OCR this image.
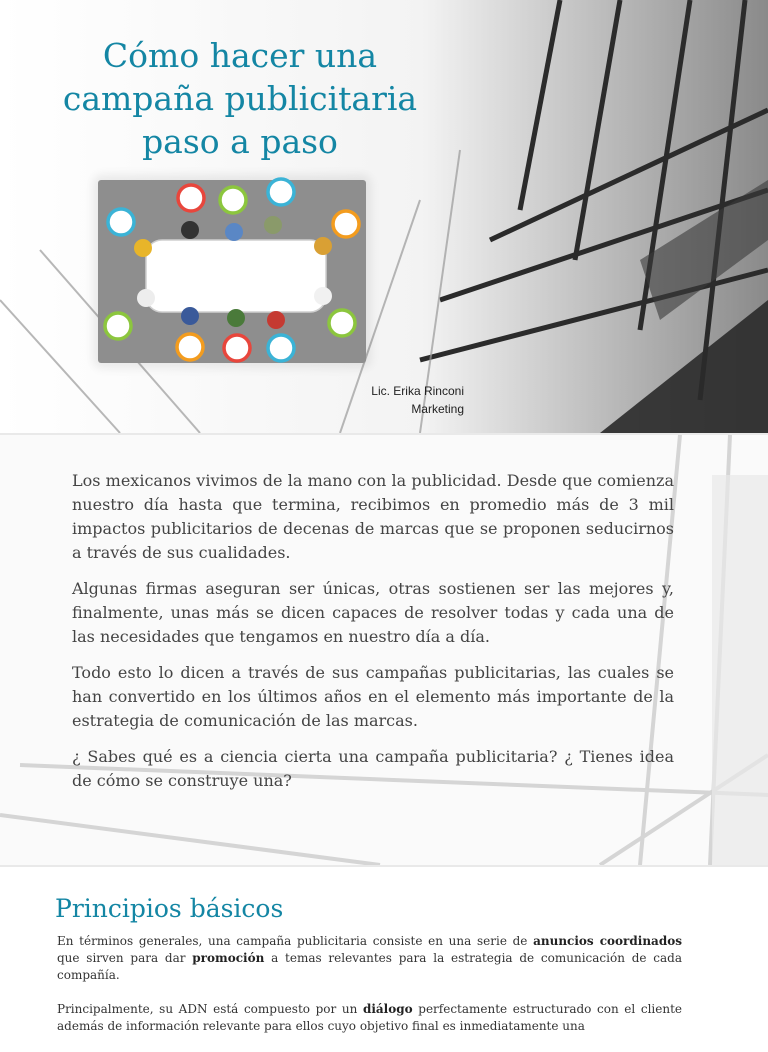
Cómo hacer una
campaña publicitaria
paso a paso
Lic. Erika Rinconi
Marketing

Los mexicanos vivimos de la mano con la publicidad. Desde que comienza nuestro día hasta que termina, recibimos en promedio más de 3 mil impactos publicitarios de decenas de marcas que se proponen seducirnos a través de sus cualidades.

Algunas firmas aseguran ser únicas, otras sostienen ser las mejores y, finalmente, unas más se dicen capaces de resolver todas y cada una de las necesidades que tengamos en nuestro día a día.

Todo esto lo dicen a través de sus campañas publicitarias, las cuales se han convertido en los últimos años en el elemento más importante de la estrategia de comunicación de las marcas.

¿ Sabes qué es a ciencia cierta una campaña publicitaria? ¿ Tienes idea de cómo se construye una?

Principios básicos

En términos generales, una campaña publicitaria consiste en una serie de anuncios coordinados que sirven para dar promoción a temas relevantes para la estrategia de comunicación de cada compañía.

Principalmente, su ADN está compuesto por un diálogo perfectamente estructurado con el cliente además de información relevante para ellos cuyo objetivo final es inmediatamente una
